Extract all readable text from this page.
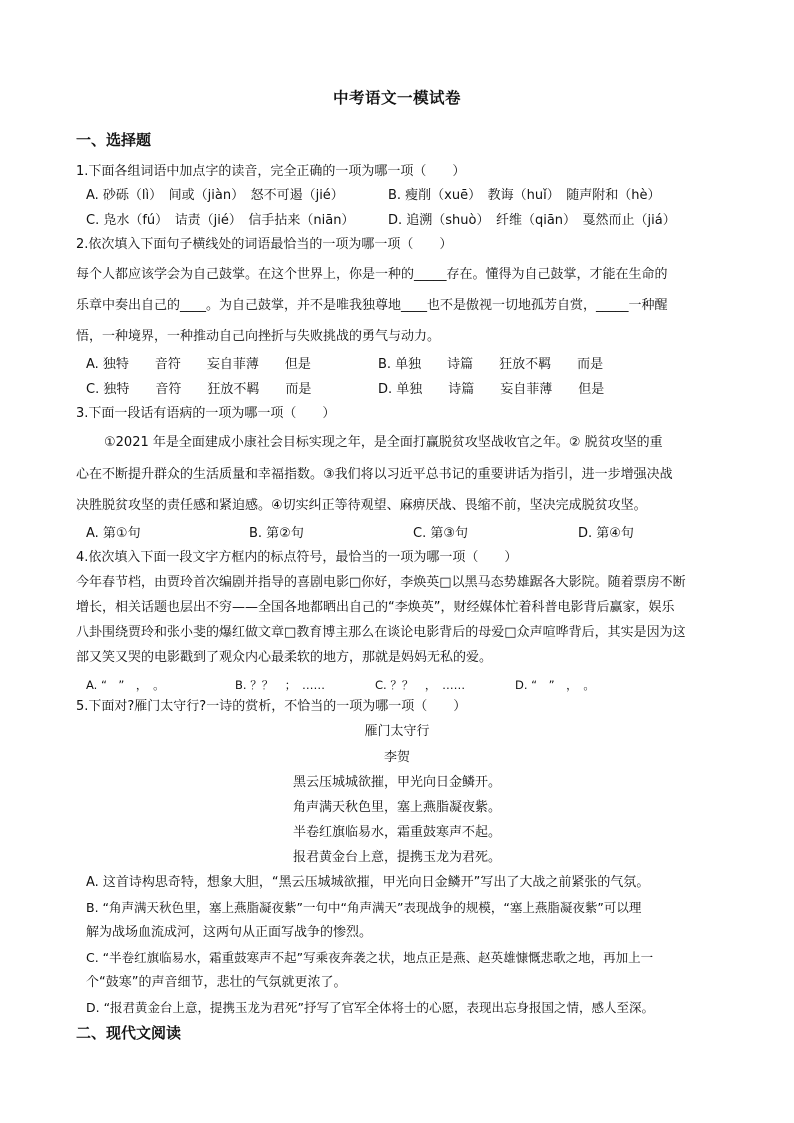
中考语文一模试卷
一、选择题
1.下面各组词语中加点字的读音，完全正确的一项为哪一项（　　）
A. 砂砾（lì）　间或（jiàn）　怒不可遏（jié）	B. 瘦削（xuē）　教诲（huǐ）　随声附和（hè）
C. 凫水（fú）　诘责（jié）　信手拈来（niān）	D. 追溯（shuò）　纤维（qiān）　戛然而止（jiá）
2.依次填入下面句子横线处的词语最恰当的一项为哪一项（　　）
每个人都应该学会为自己鼓掌。在这个世界上，你是一种的_____存在。懂得为自己鼓掌，才能在生命的
乐章中奏出自己的____。为自己鼓掌，并不是唯我独尊地____也不是傲视一切地孤芳自赏，_____一种醒
悟，一种境界，一种推动自己向挫折与失败挑战的勇气与动力。
A. 独特　　音符　　妄自菲薄　　但是	B. 单独　　诗篇　　狂放不羁　　而是
C. 独特　　音符　　狂放不羁　　而是	D. 单独　　诗篇　　妄自菲薄　　但是
3.下面一段话有语病的一项为哪一项（　　）
①2021 年是全面建成小康社会目标实现之年，是全面打赢脱贫攻坚战收官之年。② 脱贫攻坚的重
心在不断提升群众的生活质量和幸福指数。③我们将以习近平总书记的重要讲话为指引，进一步增强决战
决胜脱贫攻坚的责任感和紧迫感。④切实纠正等待观望、麻痹厌战、畏缩不前，坚决完成脱贫攻坚。
A. 第①句	B. 第②句	C. 第③句	D. 第④句
4.依次填入下面一段文字方框内的标点符号，最恰当的一项为哪一项（　　）
今年春节档，由贾玲首次编剧并指导的喜剧电影□你好，李焕英□以黑马态势雄踞各大影院。随着票房不断
增长，相关话题也层出不穷——全国各地都晒出自己的“李焕英”，财经媒体忙着科普电影背后赢家，娱乐
八卦围绕贾玲和张小斐的爆红做文章□教育博主那么在谈论电影背后的母爱□众声喧哗背后，其实是因为这
部又笑又哭的电影戳到了观众内心最柔软的地方，那就是妈妈无私的爱。
A. “　”　，　。	B. ？？　；　……	C. ？？　，　……	D. “　”　，　。
5.下面对?雁门太守行?一诗的赏析，不恰当的一项为哪一项（　　）
雁门太守行
李贺
黑云压城城欲摧，甲光向日金鳞开。
角声满天秋色里，塞上燕脂凝夜紫。
半卷红旗临易水，霜重鼓寒声不起。
报君黄金台上意，提携玉龙为君死。
A. 这首诗构思奇特，想象大胆，“黑云压城城欲摧，甲光向日金鳞开”写出了大战之前紧张的气氛。
B. “角声满天秋色里，塞上燕脂凝夜紫”一句中“角声满天”表现战争的规模，“塞上燕脂凝夜紫”可以理
解为战场血流成河，这两句从正面写战争的惨烈。
C. “半卷红旗临易水，霜重鼓寒声不起”写乘夜奔袭之状，地点正是燕、赵英雄慷慨悲歌之地，再加上一
个“鼓寒”的声音细节，悲壮的气氛就更浓了。
D. “报君黄金台上意，提携玉龙为君死”抒写了官军全体将士的心愿，表现出忘身报国之情，感人至深。
二、现代文阅读
